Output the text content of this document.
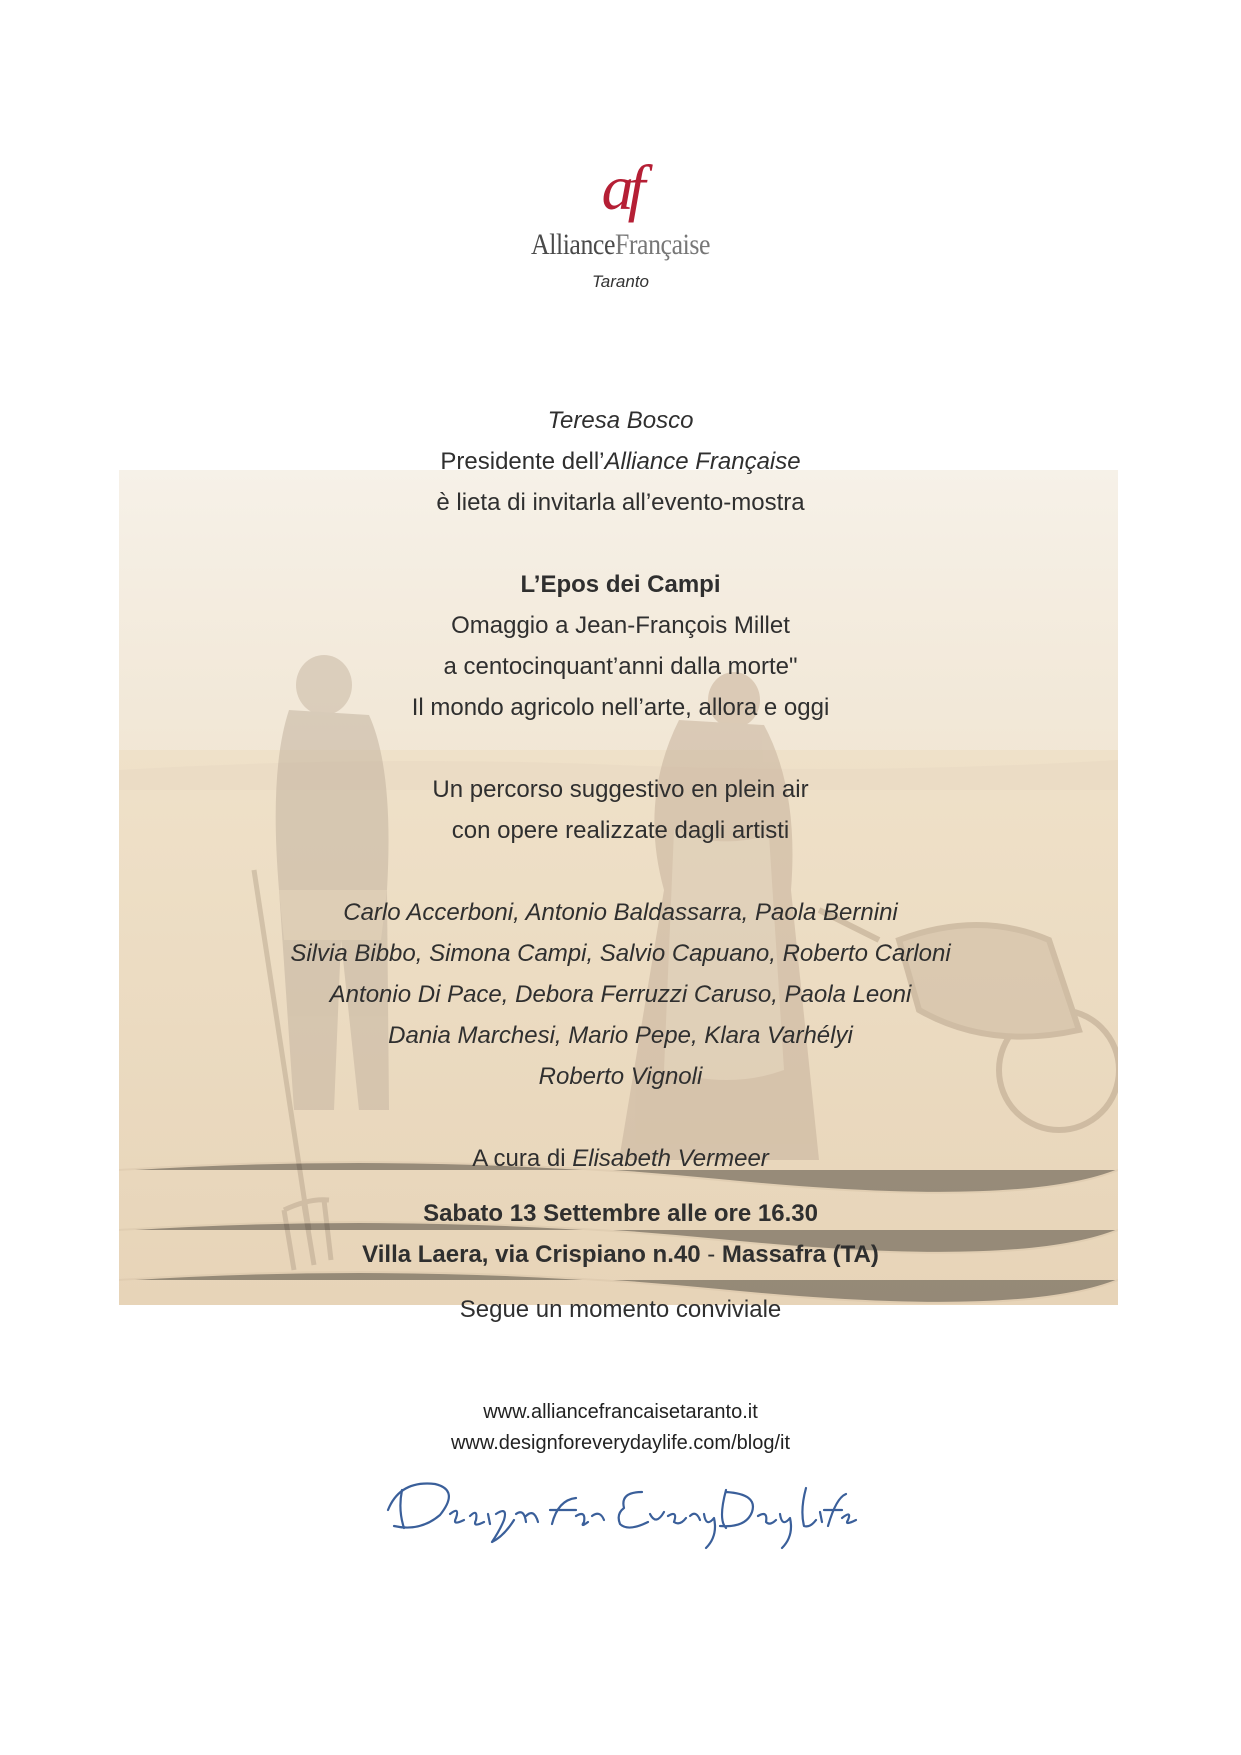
af
AllianceFrançaise
Taranto
Teresa Bosco
Presidente dell’Alliance Française
è lieta di invitarla all’evento-mostra
L’Epos dei Campi
Omaggio a Jean-François Millet
a centocinquant’anni dalla morte"
Il mondo agricolo nell’arte, allora e oggi
Un percorso suggestivo en plein air
con opere realizzate dagli artisti
Carlo Accerboni, Antonio Baldassarra, Paola Bernini
Silvia Bibbo, Simona Campi, Salvio Capuano, Roberto Carloni
Antonio Di Pace, Debora Ferruzzi Caruso, Paola Leoni
Dania Marchesi, Mario Pepe, Klara Varhélyi
Roberto Vignoli
A cura di Elisabeth Vermeer
Sabato 13 Settembre alle ore 16.30
Villa Laera, via Crispiano n.40 - Massafra (TA)
Segue un momento conviviale
www.alliancefrancaisetaranto.it
www.designforeverydaylife.com/blog/it
